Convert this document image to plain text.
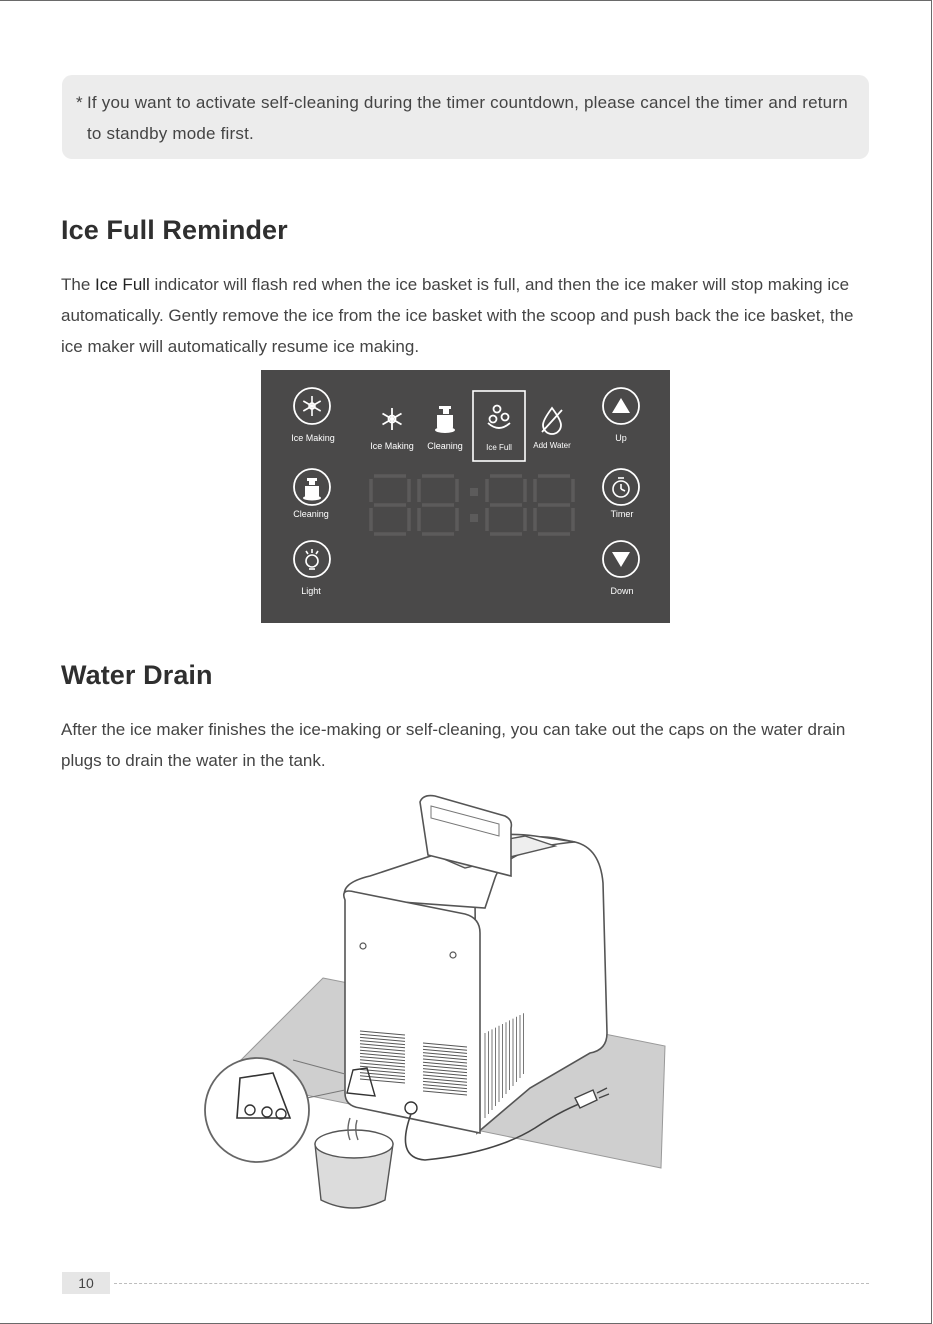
* If you want to activate self-cleaning during the timer countdown, please cancel the timer and return to standby mode first.
Ice Full Reminder

The Ice Full indicator will flash red when the ice basket is full, and then the ice maker will stop making ice automatically. Gently remove the ice from the ice basket with the scoop and push back the ice basket, the ice maker will automatically resume ice making.

Ice Making
Cleaning
Light
Up
Timer
Down
Ice Making Cleaning	Ice Full	Add Water
Water Drain

After the ice maker finishes the ice-making or self-cleaning, you can take out the caps on the water drain plugs to drain the water in the tank.

10
